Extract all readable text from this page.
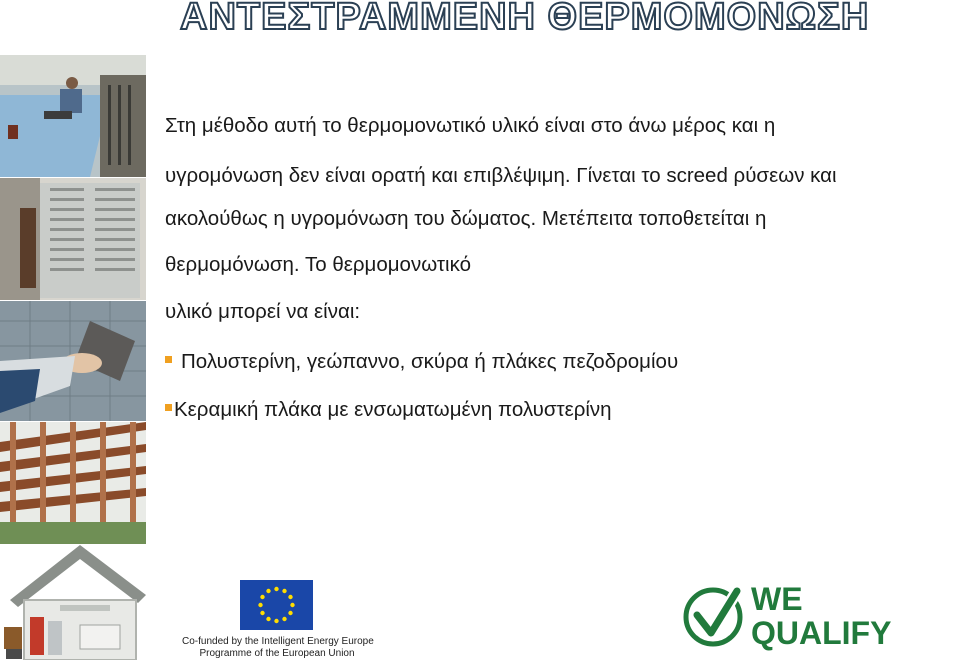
ΑΝΤΕΣΤΡΑΜΜΕΝΗ ΘΕΡΜΟΜΟΝΩΣΗ
Στη μέθοδο αυτή το θερμομονωτικό υλικό είναι στο άνω μέρος και η
υγρομόνωση δεν είναι ορατή και επιβλέψιμη. Γίνεται το screed ρύσεων και
ακολούθως η υγρομόνωση του δώματος. Μετέπειτα τοποθετείται η
θερμομόνωση. Το θερμομονωτικό
υλικό μπορεί να είναι:
Πολυστερίνη, γεώπαννο, σκύρα ή πλάκες πεζοδρομίου
Κεραμική πλάκα με ενσωματωμένη πολυστερίνη
Co-funded by the Intelligent Energy Europe
Programme of the European Union
WE
QUALIFY
